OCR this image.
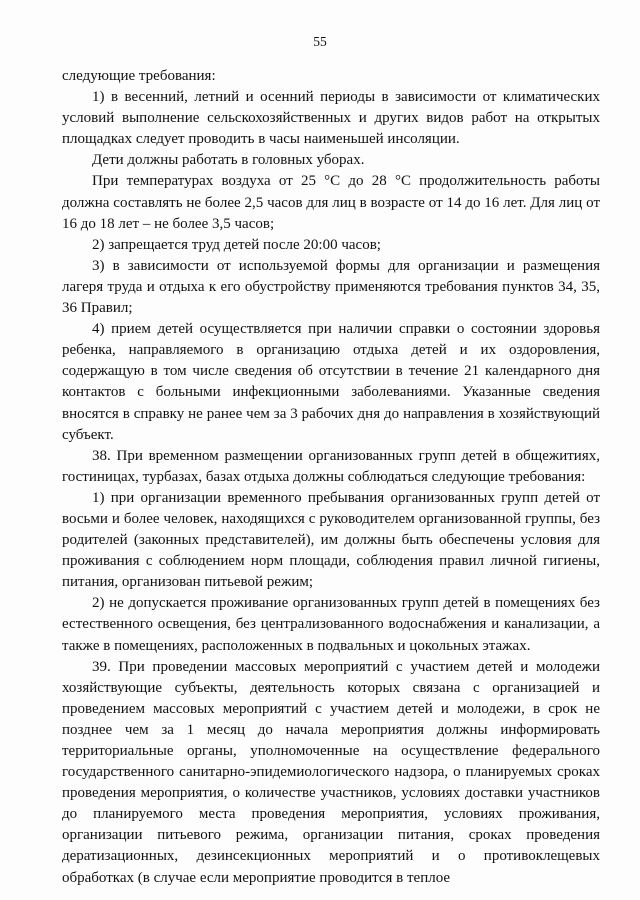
55

следующие требования:

1) в весенний, летний и осенний периоды в зависимости от климатических условий выполнение сельскохозяйственных и других видов работ на открытых площадках следует проводить в часы наименьшей инсоляции.

Дети должны работать в головных уборах.

При температурах воздуха от 25 °С до 28 °С продолжительность работы должна составлять не более 2,5 часов для лиц в возрасте от 14 до 16 лет. Для лиц от 16 до 18 лет – не более 3,5 часов;

2) запрещается труд детей после 20:00 часов;

3) в зависимости от используемой формы для организации и размещения лагеря труда и отдыха к его обустройству применяются требования пунктов 34, 35, 36 Правил;

4) прием детей осуществляется при наличии справки о состоянии здоровья ребенка, направляемого в организацию отдыха детей и их оздоровления, содержащую в том числе сведения об отсутствии в течение 21 календарного дня контактов с больными инфекционными заболеваниями. Указанные сведения вносятся в справку не ранее чем за 3 рабочих дня до направления в хозяйствующий субъект.

38. При временном размещении организованных групп детей в общежитиях, гостиницах, турбазах, базах отдыха должны соблюдаться следующие требования:

1) при организации временного пребывания организованных групп детей от восьми и более человек, находящихся с руководителем организованной группы, без родителей (законных представителей), им должны быть обеспечены условия для проживания с соблюдением норм площади, соблюдения правил личной гигиены, питания, организован питьевой режим;

2) не допускается проживание организованных групп детей в помещениях без естественного освещения, без централизованного водоснабжения и канализации, а также в помещениях, расположенных в подвальных и цокольных этажах.

39. При проведении массовых мероприятий с участием детей и молодежи хозяйствующие субъекты, деятельность которых связана с организацией и проведением массовых мероприятий с участием детей и молодежи, в срок не позднее чем за 1 месяц до начала мероприятия должны информировать территориальные органы, уполномоченные на осуществление федерального государственного санитарно-эпидемиологического надзора, о планируемых сроках проведения мероприятия, о количестве участников, условиях доставки участников до планируемого места проведения мероприятия, условиях проживания, организации питьевого режима, организации питания, сроках проведения дератизационных, дезинсекционных мероприятий и о противоклещевых обработках (в случае если мероприятие проводится в теплое
